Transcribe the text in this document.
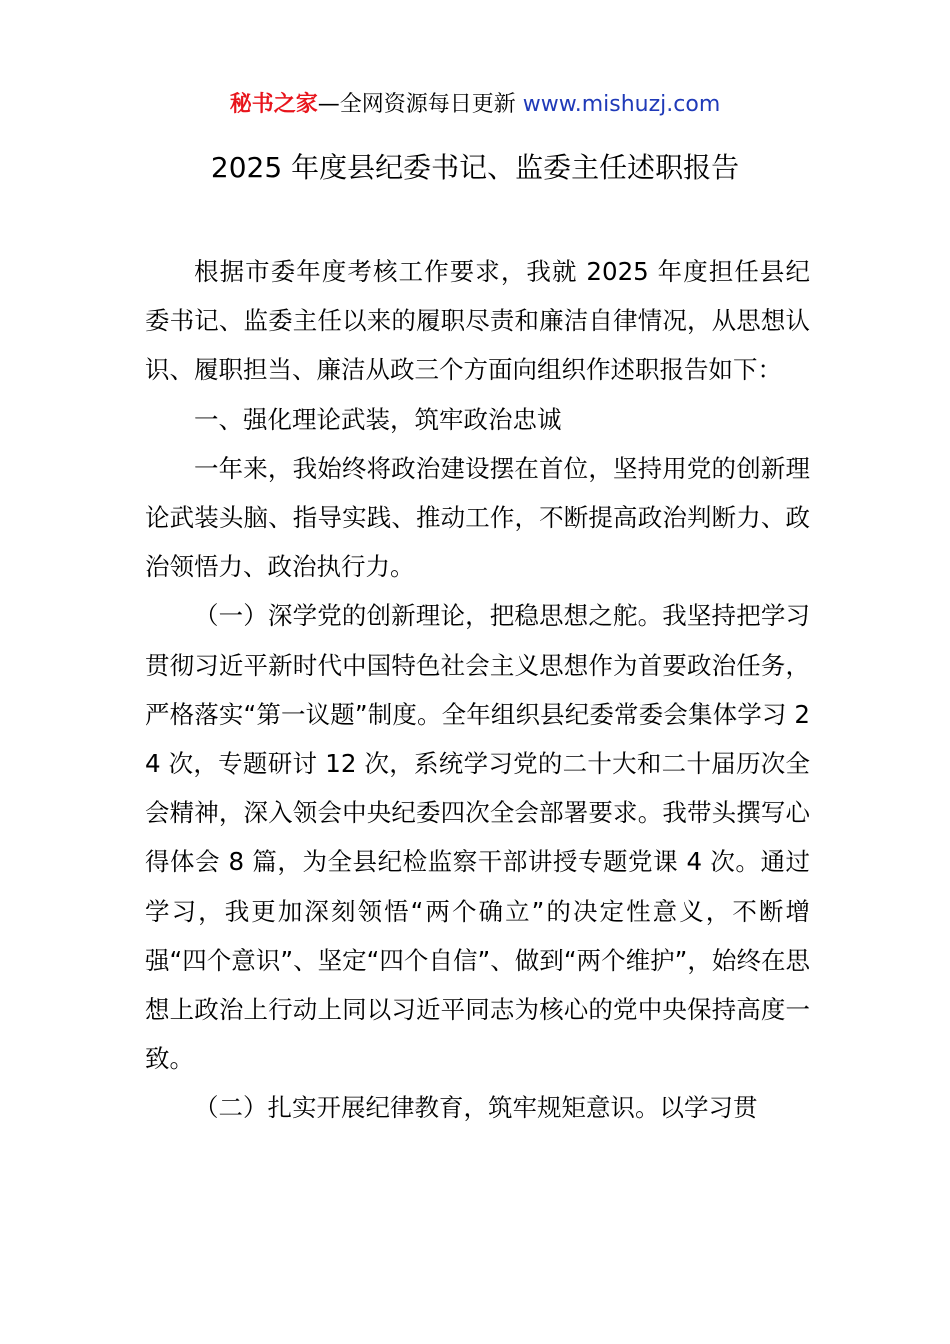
秘书之家—全网资源每日更新 www.mishuzj.com
2025 年度县纪委书记、监委主任述职报告

根据市委年度考核工作要求，我就 2025 年度担任县纪委书记、监委主任以来的履职尽责和廉洁自律情况，从思想认识、履职担当、廉洁从政三个方面向组织作述职报告如下：

一、强化理论武装，筑牢政治忠诚

一年来，我始终将政治建设摆在首位，坚持用党的创新理论武装头脑、指导实践、推动工作，不断提高政治判断力、政治领悟力、政治执行力。

（一）深学党的创新理论，把稳思想之舵。我坚持把学习贯彻习近平新时代中国特色社会主义思想作为首要政治任务，严格落实“第一议题”制度。全年组织县纪委常委会集体学习 24 次，专题研讨 12 次，系统学习党的二十大和二十届历次全会精神，深入领会中央纪委四次全会部署要求。我带头撰写心得体会 8 篇，为全县纪检监察干部讲授专题党课 4 次。通过学习，我更加深刻领悟“两个确立”的决定性意义，不断增强“四个意识”、坚定“四个自信”、做到“两个维护”，始终在思想上政治上行动上同以习近平同志为核心的党中央保持高度一致。

（二）扎实开展纪律教育，筑牢规矩意识。以学习贯
